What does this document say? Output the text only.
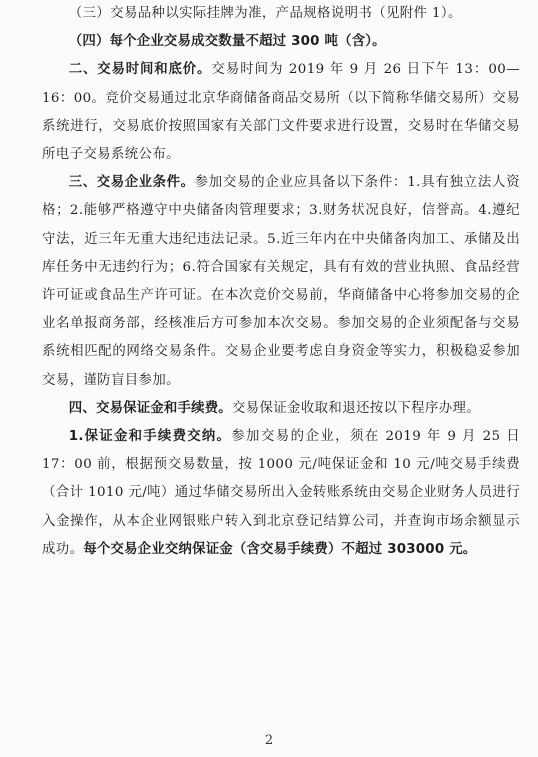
（三）交易品种以实际挂牌为准，产品规格说明书（见附件 1）。

（四）每个企业交易成交数量不超过 300 吨（含）。

二、交易时间和底价。交易时间为 2019 年 9 月 26 日下午 13：00—16：00。竞价交易通过北京华商储备商品交易所（以下简称华储交易所）交易系统进行，交易底价按照国家有关部门文件要求进行设置，交易时在华储交易所电子交易系统公布。

三、交易企业条件。参加交易的企业应具备以下条件：1.具有独立法人资格；2.能够严格遵守中央储备肉管理要求；3.财务状况良好，信誉高。4.遵纪守法，近三年无重大违纪违法记录。5.近三年内在中央储备肉加工、承储及出库任务中无违约行为；6.符合国家有关规定，具有有效的营业执照、食品经营许可证或食品生产许可证。在本次竞价交易前，华商储备中心将参加交易的企业名单报商务部，经核准后方可参加本次交易。参加交易的企业须配备与交易系统相匹配的网络交易条件。交易企业要考虑自身资金等实力，积极稳妥参加交易，谨防盲目参加。

四、交易保证金和手续费。交易保证金收取和退还按以下程序办理。

1.保证金和手续费交纳。参加交易的企业，须在 2019 年 9 月 25 日 17：00 前，根据预交易数量，按 1000 元/吨保证金和 10 元/吨交易手续费（合计 1010 元/吨）通过华储交易所出入金转账系统由交易企业财务人员进行入金操作，从本企业网银账户转入到北京登记结算公司，并查询市场余额显示成功。每个交易企业交纳保证金（含交易手续费）不超过 303000 元。

2
